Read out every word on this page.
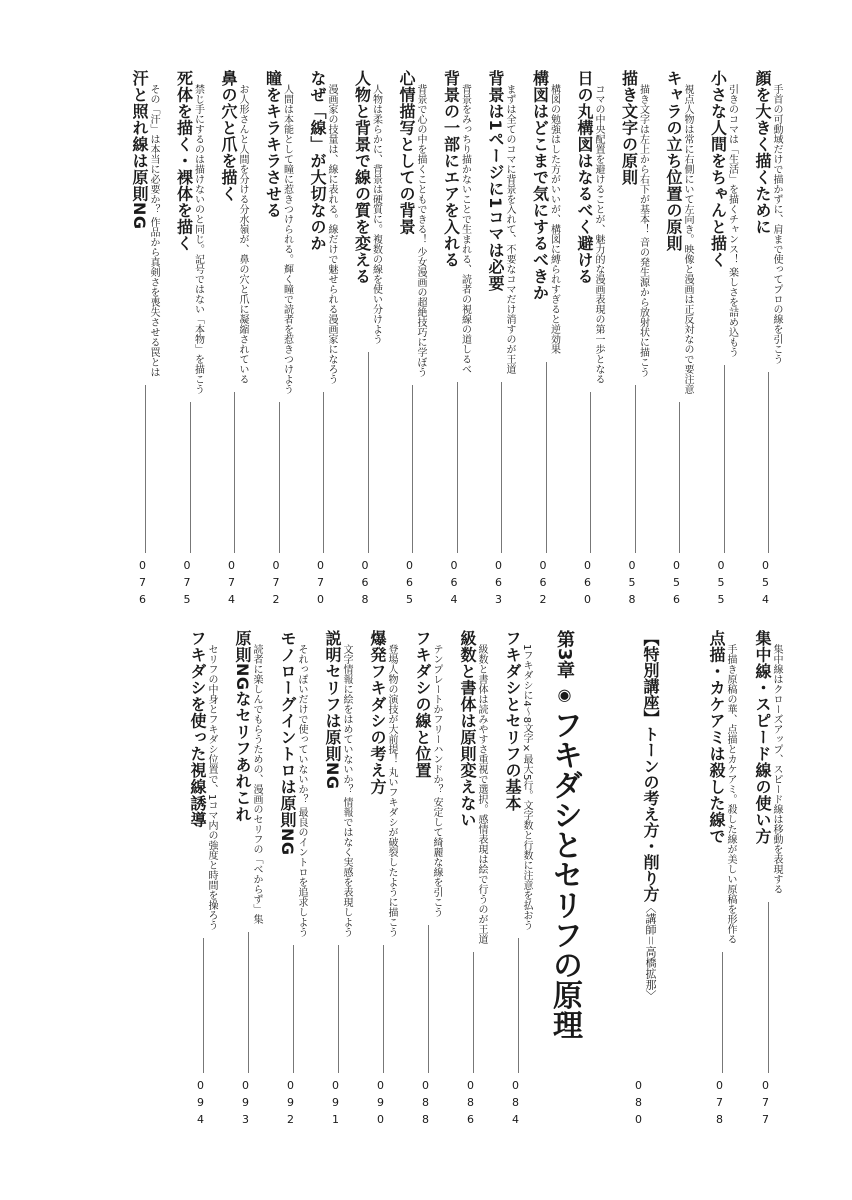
顔を大きく描くために 手首の可動域だけで描かずに、肩まで使ってプロの線を引こう
054
小さな人間をちゃんと描く 引きのコマは「生活」を描くチャンス！ 楽しさを詰め込もう
055
キャラの立ち位置の原則 視点人物は常に右側にいて左向き。映像と漫画は正反対なので要注意
056
描き文字の原則 描き文字は左上から右下が基本！ 音の発生源から放射状に描こう
058
日の丸構図はなるべく避ける コマの中央配置を避けることが、魅力的な漫画表現の第一歩となる
060
構図はどこまで気にするべきか 構図の勉強はした方がいいが、構図に縛られすぎると逆効果
062
背景は1ページに1コマは必要 まずは全てのコマに背景を入れて、不要なコマだけ消すのが王道
063
背景の一部にエアを入れる 背景をみっちり描かないことで生まれる、読者の視線の道しるべ
064
心情描写としての背景 背景で心の中を描くこともできる！ 少女漫画の超絶技巧に学ぼう
065
人物と背景で線の質を変える 人物は柔らかに、背景は硬質に。複数の線を使い分けよう
068
なぜ「線」が大切なのか 漫画家の技量は、線に表れる。線だけで魅せられる漫画家になろう
070
瞳をキラキラさせる 人間は本能として瞳に惹きつけられる。輝く瞳で読者を惹きつけよう
072
鼻の穴と爪を描く お人形さんと人間を分ける分水嶺が、鼻の穴と爪に凝縮されている
074
死体を描く・裸体を描く 禁じ手にするのは描けないのと同じ。記号ではない「本物」を描こう
075
汗と照れ線は原則NG その「汗」は本当に必要か？ 作品から真剣さを喪失させる罠とは
076
集中線・スピード線の使い方 集中線はクローズアップ、スピード線は移動を表現する
077
点描・カケアミは殺した線で 手描き原稿の華、点描とカケアミ。殺した線が美しい原稿を形作る
078
【特別講座】トーンの考え方・削り方〈講師＝高橋拡那〉
080
第3章◉フキダシとセリフの原理
フキダシとセリフの基本 1フキダシに4〜8文字×最大5行。文字数と行数に注意を払おう
084
級数と書体は原則変えない 級数と書体は読みやすさ重視で選択。感情表現は絵で行うのが王道
086
フキダシの線と位置 テンプレートかフリーハンドか？ 安定して綺麗な線を引こう
088
爆発フキダシの考え方 登場人物の演技が大前提！ 丸いフキダシが破裂したように描こう
090
説明セリフは原則NG 文字情報に絵をはめていないか？ 情報ではなく実感を表現しよう
091
モノローグイントロは原則NG それっぽいだけで使っていないか？ 最良のイントロを追求しよう
092
原則NGなセリフあれこれ 読者に楽しんでもらうための、漫画のセリフの「べからず」集
093
フキダシを使った視線誘導 セリフの中身とフキダシ位置で、1コマ内の強度と時間を操ろう
094
